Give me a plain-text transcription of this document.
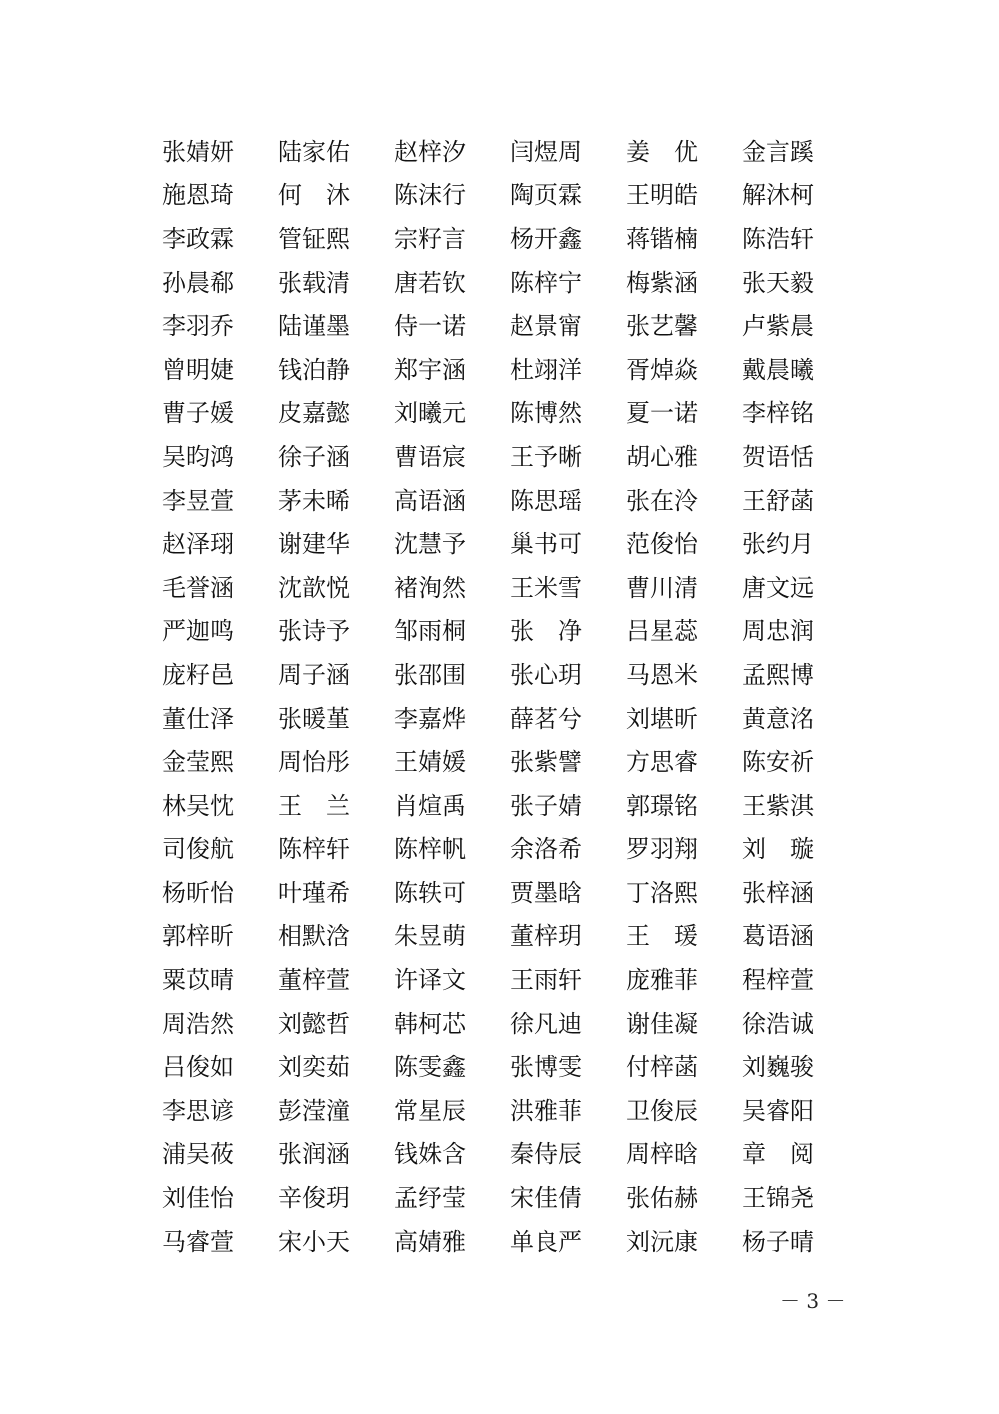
张婧妍	陆家佑	赵梓汐	闫煜周	姜　优	金言蹊
施恩琦	何　沐	陈沫行	陶页霖	王明皓	解沐柯
李政霖	管钲熙	宗籽言	杨开鑫	蒋锴楠	陈浩轩
孙晨郗	张载清	唐若钦	陈梓宁	梅紫涵	张天毅
李羽乔	陆谨墨	侍一诺	赵景甯	张艺馨	卢紫晨
曾明婕	钱泊静	郑宇涵	杜翊洋	胥焯焱	戴晨曦
曹子媛	皮嘉懿	刘曦元	陈博然	夏一诺	李梓铭
吴昀鸿	徐子涵	曹语宸	王予晰	胡心雅	贺语恬
李昱萱	茅未晞	高语涵	陈思瑶	张在泠	王舒菡
赵泽珝	谢建华	沈慧予	巢书可	范俊怡	张约月
毛誉涵	沈歆悦	褚洵然	王米雪	曹川清	唐文远
严迦鸣	张诗予	邹雨桐	张　净	吕星蕊	周忠润
庞籽邑	周子涵	张邵围	张心玥	马恩米	孟熙博
董仕泽	张暖堇	李嘉烨	薛茗兮	刘堪昕	黄意洺
金莹熙	周怡彤	王婧媛	张紫譬	方思睿	陈安祈
林吴忱	王　兰	肖煊禹	张子婧	郭璟铭	王紫淇
司俊航	陈梓轩	陈梓帆	余洛希	罗羽翔	刘　璇
杨昕怡	叶瑾希	陈轶可	贾墨晗	丁洛熙	张梓涵
郭梓昕	相默浛	朱昱萌	董梓玥	王　瑗	葛语涵
粟苡晴	董梓萱	许译文	王雨轩	庞雅菲	程梓萱
周浩然	刘懿哲	韩柯芯	徐凡迪	谢佳凝	徐浩诚
吕俊如	刘奕茹	陈雯鑫	张博雯	付梓菡	刘巍骏
李思谚	彭滢潼	常星辰	洪雅菲	卫俊辰	吴睿阳
浦吴莜	张润涵	钱姝含	秦侍辰	周梓晗	章　阅
刘佳怡	辛俊玥	孟纾莹	宋佳倩	张佑赫	王锦尧
马睿萱	宋小天	高婧雅	单良严	刘沅康	杨子晴
－ 3 －
